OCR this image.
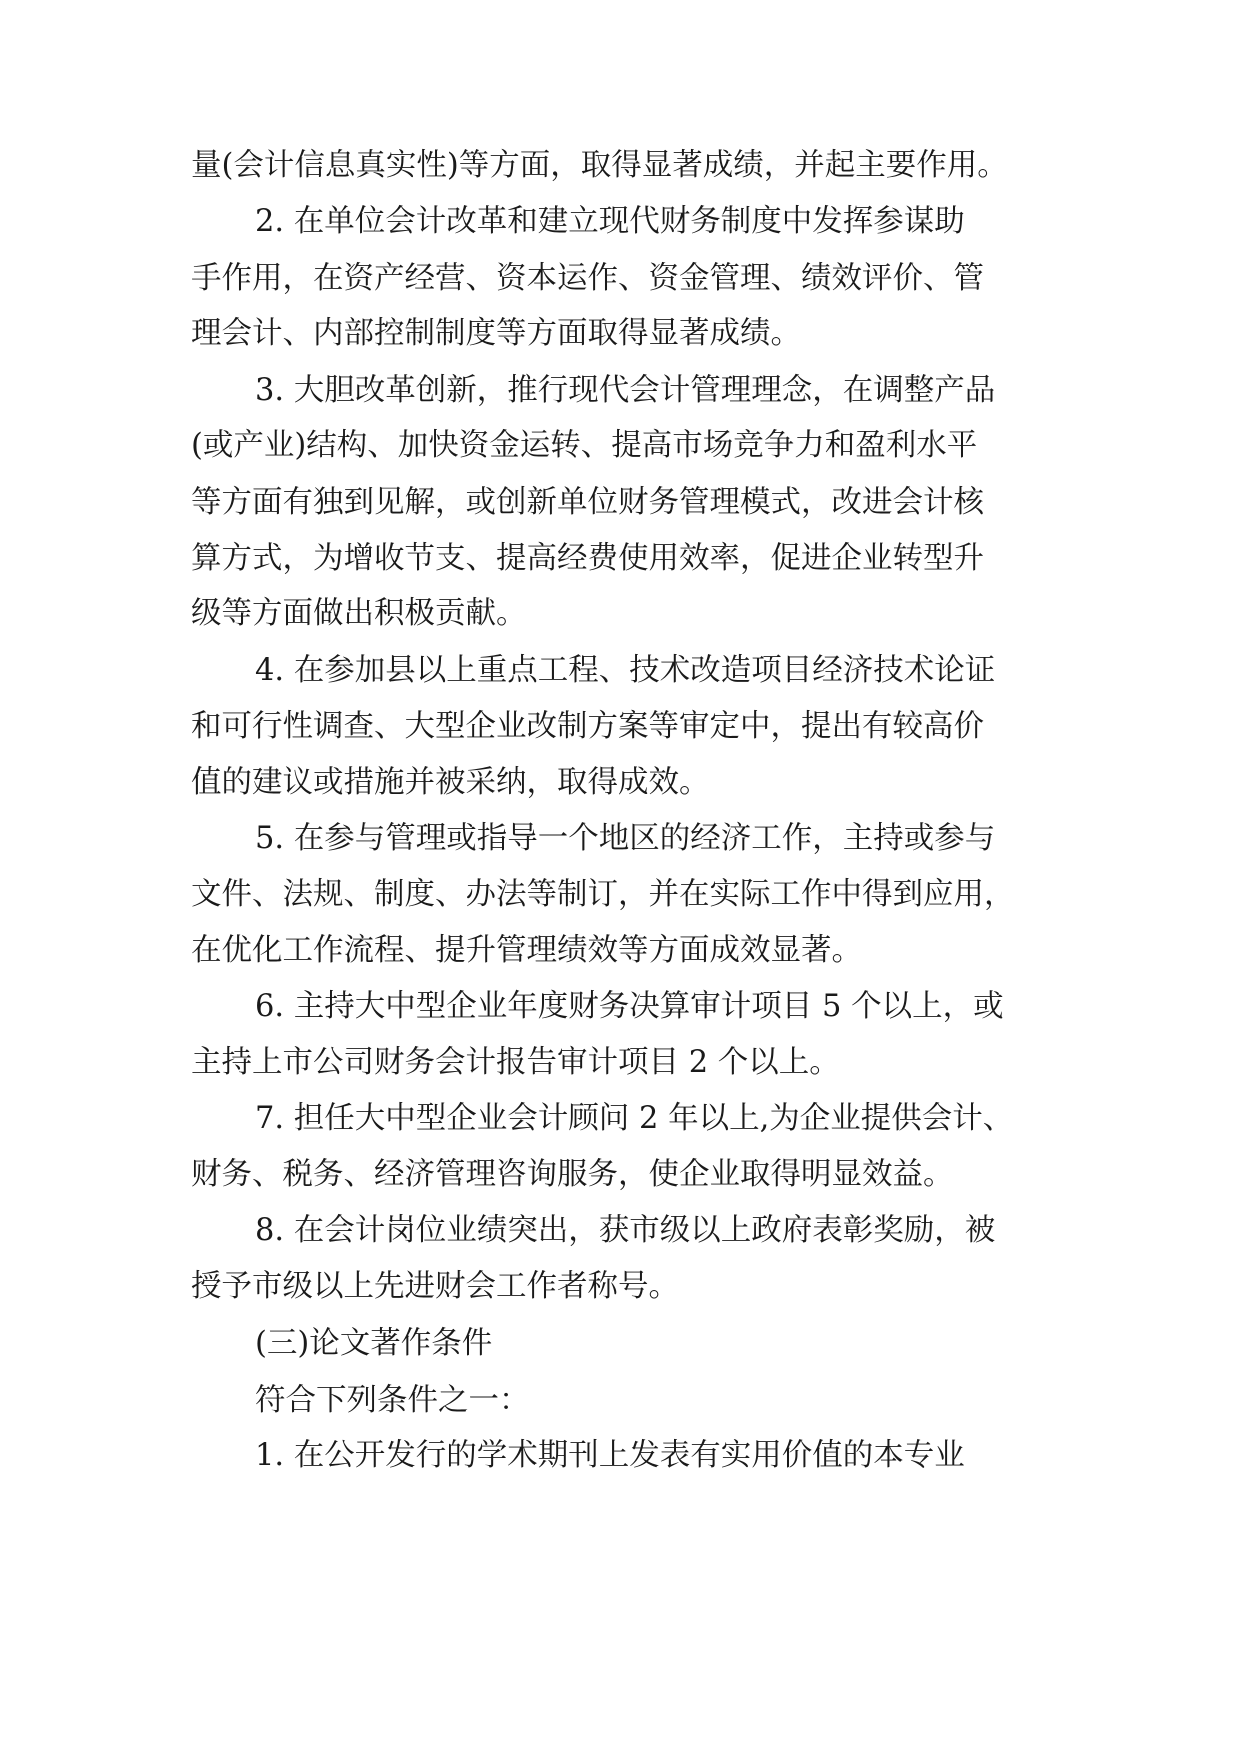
量(会计信息真实性)等方面，取得显著成绩，并起主要作用。
2. 在单位会计改革和建立现代财务制度中发挥参谋助
手作用，在资产经营、资本运作、资金管理、绩效评价、管
理会计、内部控制制度等方面取得显著成绩。
3. 大胆改革创新，推行现代会计管理理念，在调整产品
(或产业)结构、加快资金运转、提高市场竞争力和盈利水平
等方面有独到见解，或创新单位财务管理模式，改进会计核
算方式，为增收节支、提高经费使用效率，促进企业转型升
级等方面做出积极贡献。
4. 在参加县以上重点工程、技术改造项目经济技术论证
和可行性调查、大型企业改制方案等审定中，提出有较高价
值的建议或措施并被采纳，取得成效。
5. 在参与管理或指导一个地区的经济工作，主持或参与
文件、法规、制度、办法等制订，并在实际工作中得到应用，
在优化工作流程、提升管理绩效等方面成效显著。
6. 主持大中型企业年度财务决算审计项目 5 个以上，或
主持上市公司财务会计报告审计项目 2 个以上。
7. 担任大中型企业会计顾问 2 年以上,为企业提供会计、
财务、税务、经济管理咨询服务，使企业取得明显效益。
8. 在会计岗位业绩突出，获市级以上政府表彰奖励，被
授予市级以上先进财会工作者称号。
(三)论文著作条件
符合下列条件之一：
1. 在公开发行的学术期刊上发表有实用价值的本专业
